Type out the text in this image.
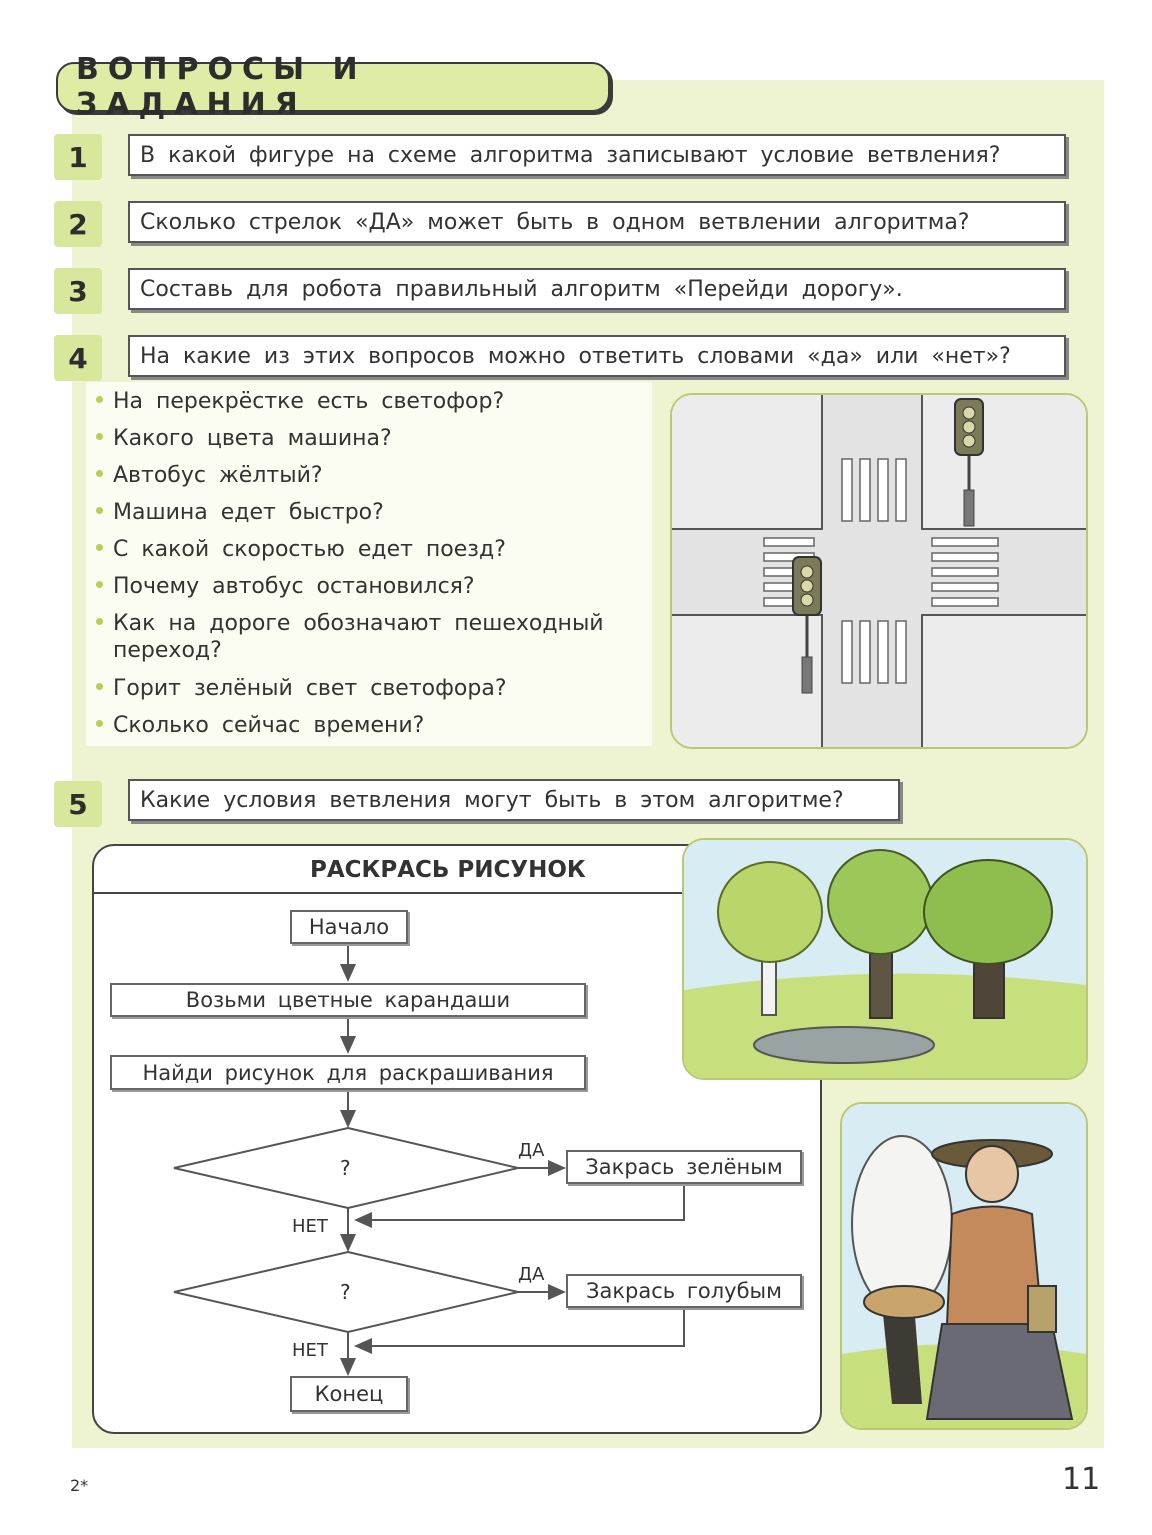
ВОПРОСЫ И ЗАДАНИЯ
1	В какой фигуре на схеме алгоритма записывают условие ветвления?
2	Сколько стрелок «ДА» может быть в одном ветвлении алгоритма?
3	Составь для робота правильный алгоритм «Перейди дорогу».
4	На какие из этих вопросов можно ответить словами «да» или «нет»?
На перекрёстке есть светофор?
Какого цвета машина?
Автобус жёлтый?
Машина едет быстро?
С какой скоростью едет поезд?
Почему автобус остановился?
Как на дороге обозначают пешеходный переход?
Горит зелёный свет светофора?
Сколько сейчас времени?
5	Какие условия ветвления могут быть в этом алгоритме?
РАСКРАСЬ РИСУНОК
Начало
Возьми цветные карандаши
Найди рисунок для раскрашивания
?
ДА
Закрась зелёным
НЕТ
?
ДА
Закрась голубым
НЕТ
Конец
2*	11
